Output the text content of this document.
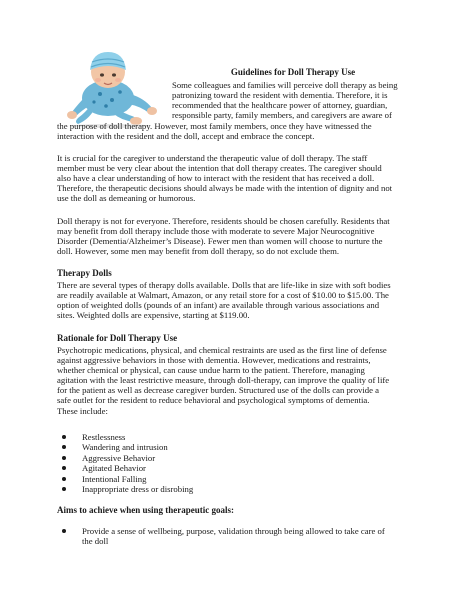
Guidelines for Doll Therapy Use

Some colleagues and families will perceive doll therapy as being
patronizing toward the resident with dementia. Therefore, it is
recommended that the healthcare power of attorney, guardian,
responsible party, family members, and caregivers are aware of

the purpose of doll therapy. However, most family members, once they have witnessed the
interaction with the resident and the doll, accept and embrace the concept.

It is crucial for the caregiver to understand the therapeutic value of doll therapy. The staff
member must be very clear about the intention that doll therapy creates. The caregiver should
also have a clear understanding of how to interact with the resident that has received a doll.
Therefore, the therapeutic decisions should always be made with the intention of dignity and not
use the doll as demeaning or humorous.

Doll therapy is not for everyone. Therefore, residents should be chosen carefully. Residents that
may benefit from doll therapy include those with moderate to severe Major Neurocognitive
Disorder (Dementia/Alzheimer’s Disease). Fewer men than women will choose to nurture the
doll. However, some men may benefit from doll therapy, so do not exclude them.

Therapy Dolls

There are several types of therapy dolls available. Dolls that are life-like in size with soft bodies
are readily available at Walmart, Amazon, or any retail store for a cost of $10.00 to $15.00. The
option of weighted dolls (pounds of an infant) are available through various associations and
sites. Weighted dolls are expensive, starting at $119.00.

Rationale for Doll Therapy Use

Psychotropic medications, physical, and chemical restraints are used as the first line of defense
against aggressive behaviors in those with dementia. However, medications and restraints,
whether chemical or physical, can cause undue harm to the patient. Therefore, managing
agitation with the least restrictive measure, through doll-therapy, can improve the quality of life
for the patient as well as decrease caregiver burden. Structured use of the dolls can provide a
safe outlet for the resident to reduce behavioral and psychological symptoms of dementia.
These include:

Restlessness
Wandering and intrusion
Aggressive Behavior
Agitated Behavior
Intentional Falling
Inappropriate dress or disrobing
Aims to achieve when using therapeutic goals:
Provide a sense of wellbeing, purpose, validation through being allowed to take care of
the doll
